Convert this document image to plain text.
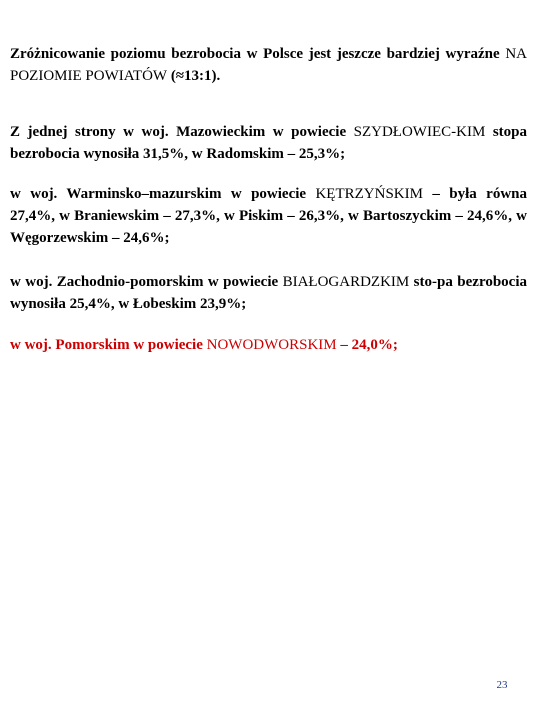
Zróżnicowanie poziomu bezrobocia w Polsce jest jeszcze bardziej wyraźne NA POZIOMIE POWIATÓW (≈13:1).

Z jednej strony w woj. Mazowieckim w powiecie SZYDŁOWIEC-KIM stopa bezrobocia wynosiła 31,5%, w Radomskim – 25,3%;

w woj. Warminsko–mazurskim w powiecie KĘTRZYŃSKIM – była równa 27,4%, w Braniewskim – 27,3%, w Piskim – 26,3%, w Bartoszyckim – 24,6%, w Węgorzewskim – 24,6%;

w woj. Zachodnio-pomorskim w powiecie BIAŁOGARDZKIM sto-pa bezrobocia wynosiła 25,4%, w Łobeskim 23,9%;

w woj. Pomorskim w powiecie NOWODWORSKIM – 24,0%;

23
